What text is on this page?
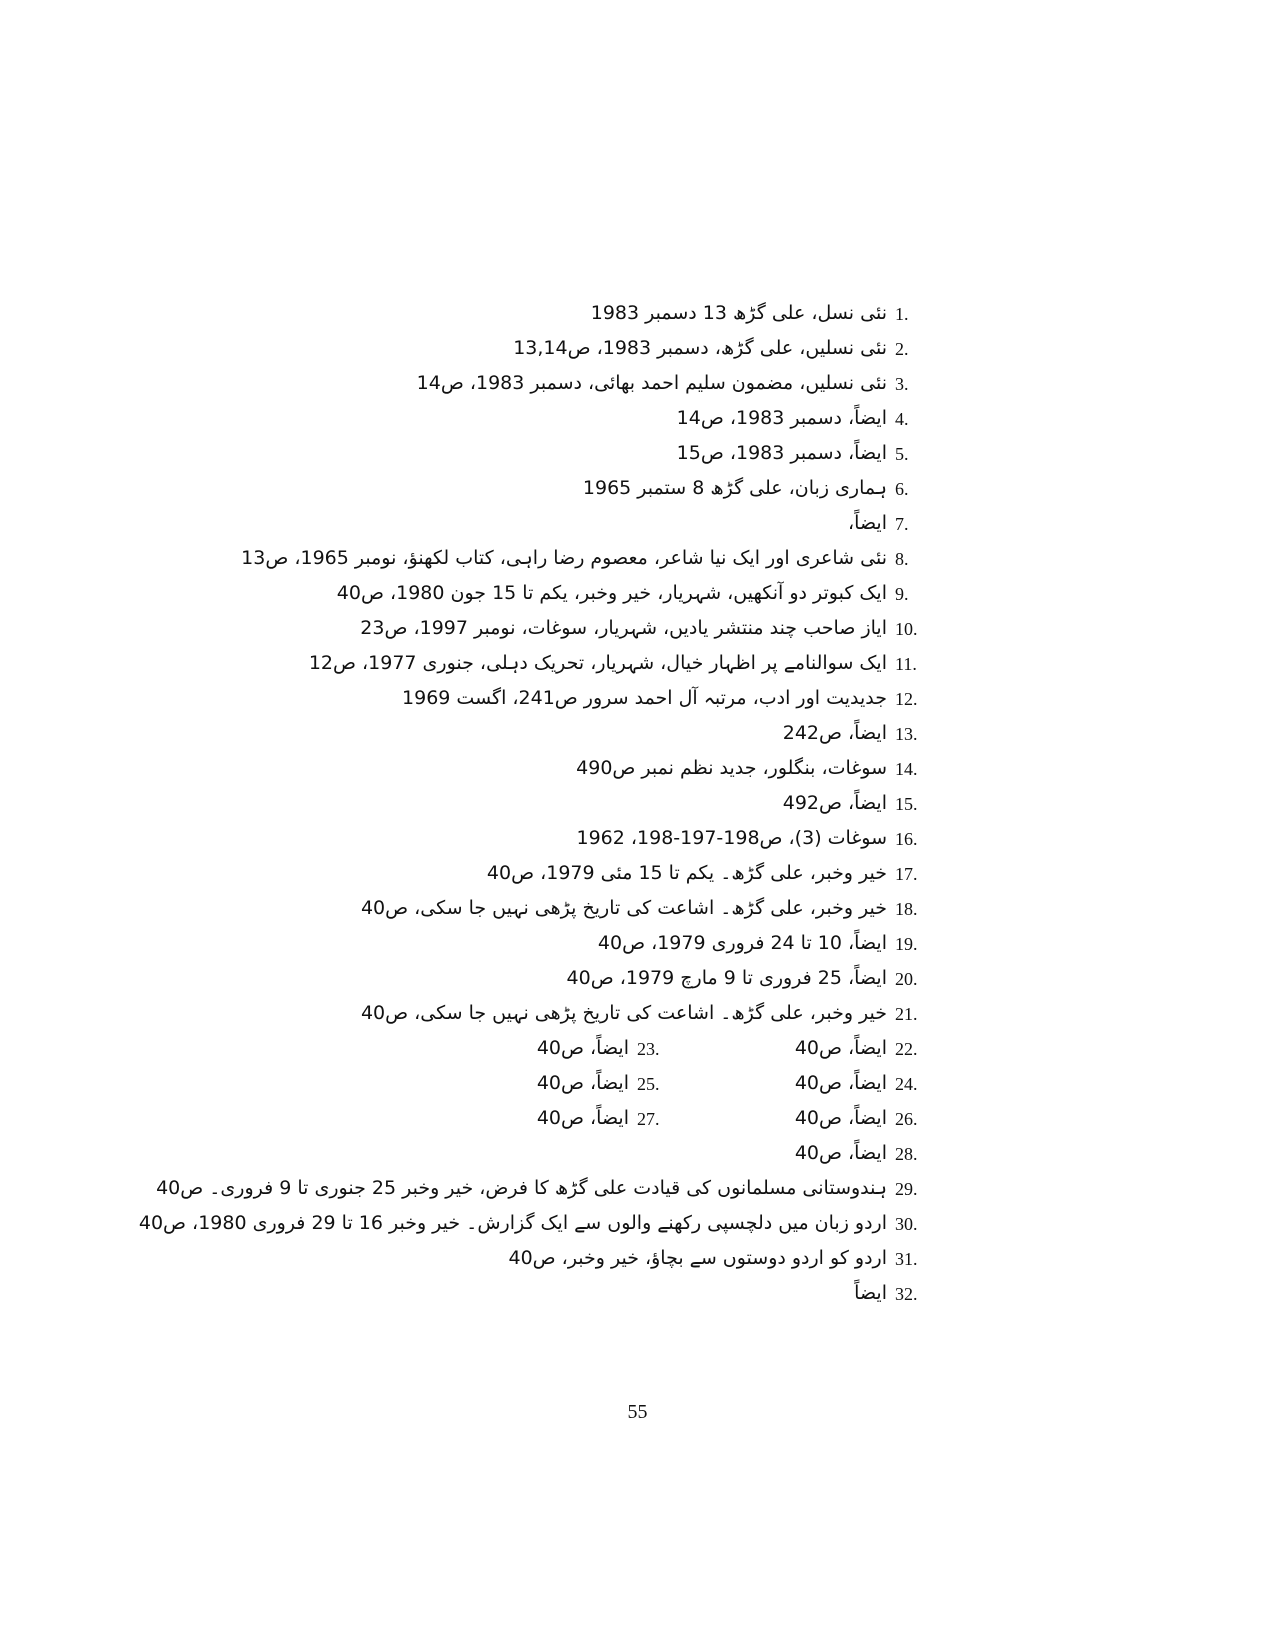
1.
نئی نسل، علی گڑھ 13 دسمبر 1983
2.
نئی نسلیں، علی گڑھ، دسمبر 1983، ص13,14
3.
نئی نسلیں، مضمون سلیم احمد بھائی، دسمبر 1983، ص14
4.
ایضاً، دسمبر 1983، ص14
5.
ایضاً، دسمبر 1983، ص15
6.
ہماری زبان، علی گڑھ 8 ستمبر 1965
7.
ایضاً،
8.
نئی شاعری اور ایک نیا شاعر، معصوم رضا راہی، کتاب لکھنؤ، نومبر 1965، ص13
9.
ایک کبوتر دو آنکھیں، شہریار، خیر وخبر، یکم تا 15 جون 1980، ص40
10.
ایاز صاحب چند منتشر یادیں، شہریار، سوغات، نومبر 1997، ص23
11.
ایک سوالنامے پر اظہار خیال، شہریار، تحریک دہلی، جنوری 1977، ص12
12.
جدیدیت اور ادب، مرتبہ آل احمد سرور ص241، اگست 1969
13.
ایضاً، ص242
14.
سوغات، بنگلور، جدید نظم نمبر ص490
15.
ایضاً، ص492
16.
سوغات (3)، ص198-197-198، 1962
17.
خیر وخبر، علی گڑھ۔ یکم تا 15 مئی 1979، ص40
18.
خیر وخبر، علی گڑھ۔ اشاعت کی تاریخ پڑھی نہیں جا سکی، ص40
19.
ایضاً، 10 تا 24 فروری 1979، ص40
20.
ایضاً، 25 فروری تا 9 مارچ 1979، ص40
21.
خیر وخبر، علی گڑھ۔ اشاعت کی تاریخ پڑھی نہیں جا سکی، ص40
22.
ایضاً، ص40
23.
ایضاً، ص40
24.
ایضاً، ص40
25.
ایضاً، ص40
26.
ایضاً، ص40
27.
ایضاً، ص40
28.
ایضاً، ص40
29.
ہندوستانی مسلمانوں کی قیادت علی گڑھ کا فرض، خیر وخبر 25 جنوری تا 9 فروری۔ ص40
30.
اردو زبان میں دلچسپی رکھنے والوں سے ایک گزارش۔ خیر وخبر 16 تا 29 فروری 1980، ص40
31.
اردو کو اردو دوستوں سے بچاؤ، خیر وخبر، ص40
32.
ایضاً
55
